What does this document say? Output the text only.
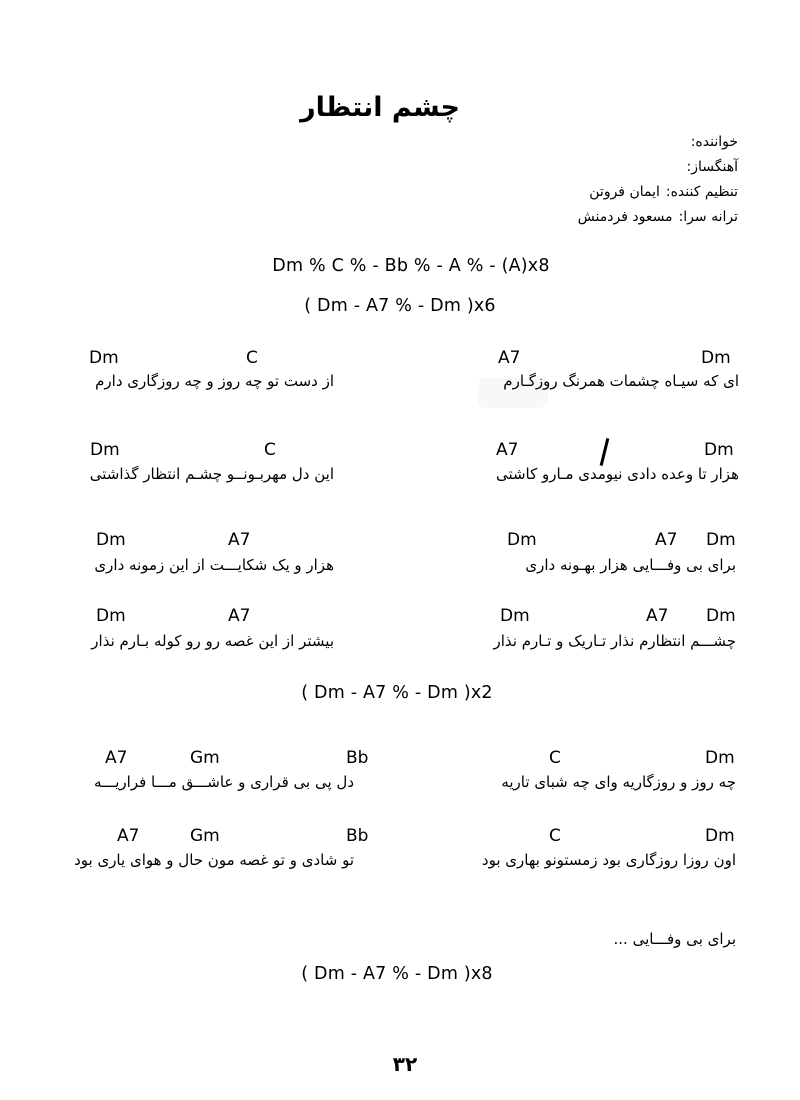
چشم انتظار
خواننده:
آهنگساز:
تنظیم کننده:ایمان فروتن
ترانه سرا:مسعود فردمنش
Dm % C % - Bb % - A % - (A)x8
( Dm - A7 % - Dm )x6
Dm
A7
ای که سیـاه چشمات همرنگ روزگـارم
C
Dm
از دست تو چه روز و چه روزگاری دارم
Dm
A7
هزار تا وعده دادی نیومدی مـارو کاشتی
C
Dm
این دل مهربـونــو چشـم انتظار گذاشتی
Dm
A7
Dm
برای بی وفـــایی هزار بهـونه داری
A7
Dm
هزار و یک شکایـــت از این زمونه داری
Dm
A7
Dm
چشـــم انتظارم نذار تـاریک و تـارم نذار
A7
Dm
بیشتر از این غصه رو رو کوله بـارم نذار
( Dm - A7 % - Dm )x2
Dm
C
چه روز و روزگاریه وای چه شبای تاریه
Bb
Gm
A7
دل پی بی قراری و عاشـــق مـــا فراریـــه
Dm
C
اون روزا روزگاری بود زمستونو بهاری بود
Bb
Gm
A7
تو شادی و تو غصه مون حال و هوای یاری بود
برای بی وفـــایی ...
( Dm - A7 % - Dm )x8
۳۲
